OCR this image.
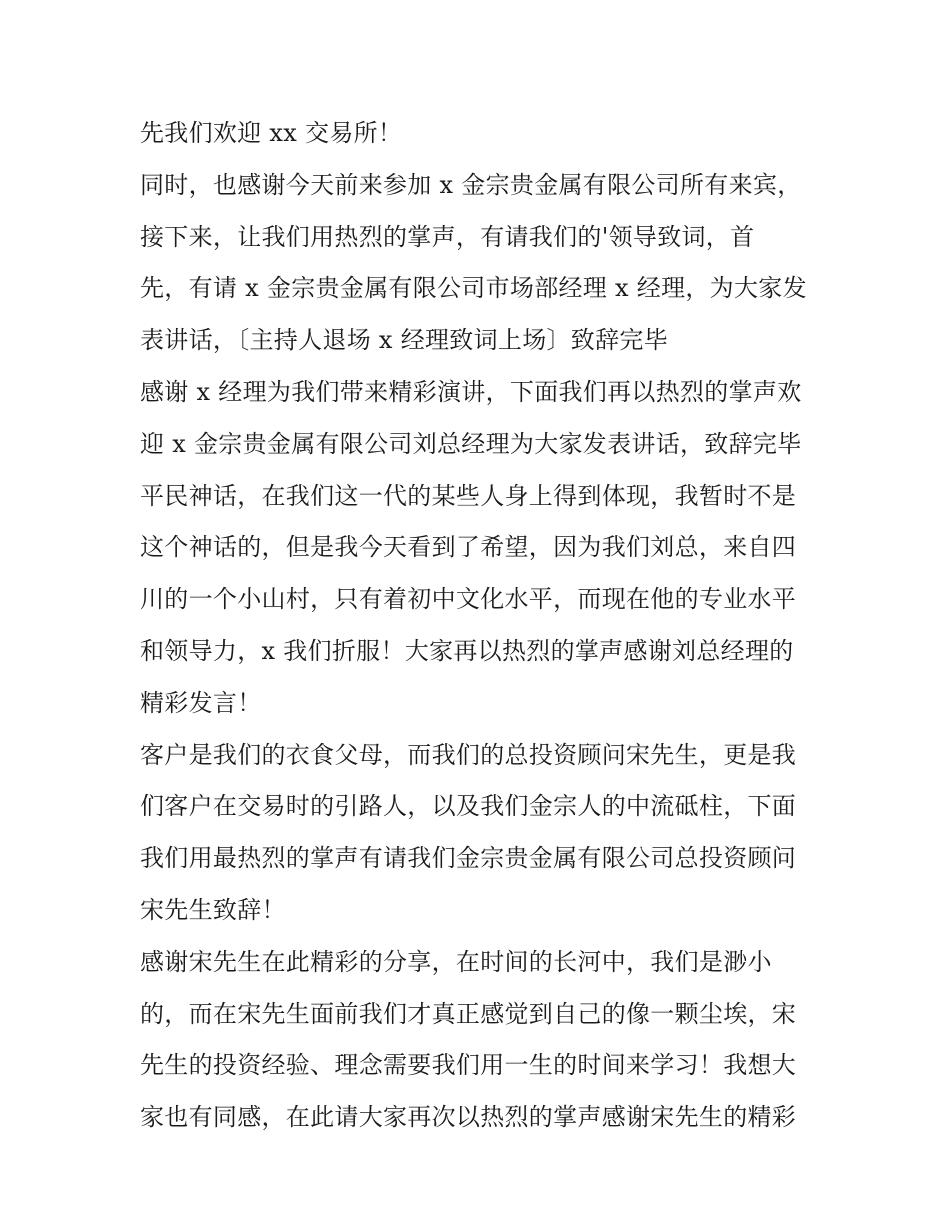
先我们欢迎 xx 交易所！
同时，也感谢今天前来参加 x 金宗贵金属有限公司所有来宾，
接下来，让我们用热烈的掌声，有请我们的'领导致词，首
先，有请 x 金宗贵金属有限公司市场部经理 x 经理，为大家发
表讲话，〔主持人退场 x 经理致词上场〕致辞完毕
感谢 x 经理为我们带来精彩演讲，下面我们再以热烈的掌声欢
迎 x 金宗贵金属有限公司刘总经理为大家发表讲话，致辞完毕
平民神话，在我们这一代的某些人身上得到体现，我暂时不是
这个神话的，但是我今天看到了希望，因为我们刘总，来自四
川的一个小山村，只有着初中文化水平，而现在他的专业水平
和领导力，x 我们折服！大家再以热烈的掌声感谢刘总经理的
精彩发言！
客户是我们的衣食父母，而我们的总投资顾问宋先生，更是我
们客户在交易时的引路人，以及我们金宗人的中流砥柱，下面
我们用最热烈的掌声有请我们金宗贵金属有限公司总投资顾问
宋先生致辞！
感谢宋先生在此精彩的分享，在时间的长河中，我们是渺小
的，而在宋先生面前我们才真正感觉到自己的像一颗尘埃，宋
先生的投资经验、理念需要我们用一生的时间来学习！我想大
家也有同感，在此请大家再次以热烈的掌声感谢宋先生的精彩
